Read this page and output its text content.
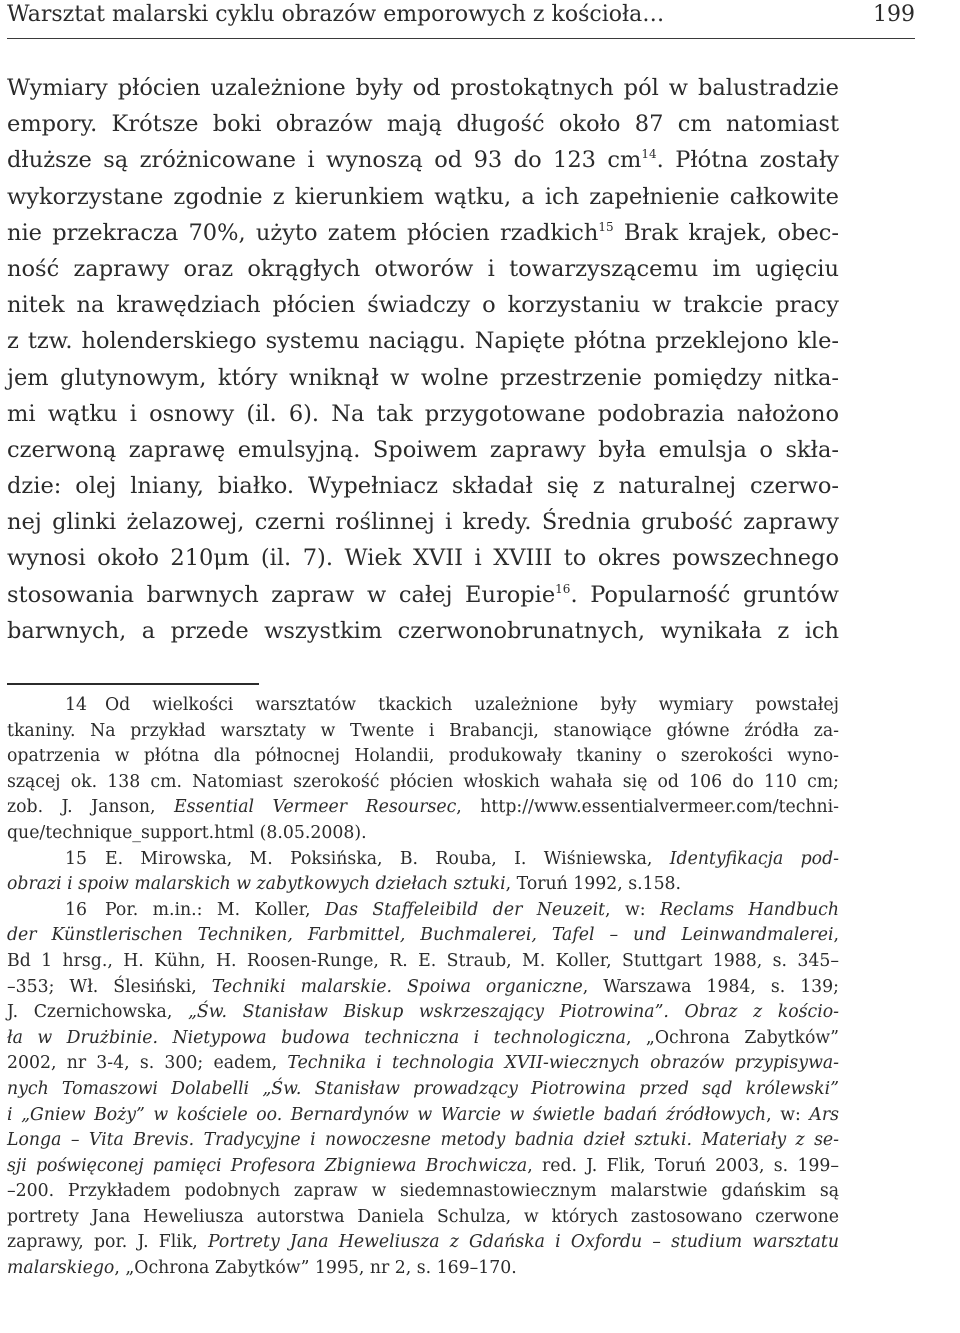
Warsztat malarski cyklu obrazów emporowych z kościoła…	199
Wymiary płócien uzależnione były od prostokątnych pól w balustradzie
empory. Krótsze boki obrazów mają długość około 87 cm natomiast
dłuższe są zróżnicowane i wynoszą od 93 do 123 $cm^{14}$. Płótna zostały
wykorzystane zgodnie z kierunkiem wątku, a ich zapełnienie całkowite
nie przekracza 70%, użyto zatem płócien rzadkich$^{15}$ Brak krajek, obec-
ność zaprawy oraz okrągłych otworów i towarzyszącemu im ugięciu
nitek na krawędziach płócien świadczy o korzystaniu w trakcie pracy
z tzw. holenderskiego systemu naciągu. Napięte płótna przeklejono kle-
jem glutynowym, który wniknął w wolne przestrzenie pomiędzy nitka-
mi wątku i osnowy (il. 6). Na tak przygotowane podobrazia nałożono
czerwoną zaprawę emulsyjną. Spoiwem zaprawy była emulsja o skła-
dzie: olej lniany, białko. Wypełniacz składał się z naturalnej czerwo-
nej glinki żelazowej, czerni roślinnej i kredy. Średnia grubość zaprawy
wynosi około 210μm (il. 7). Wiek XVII i XVIII to okres powszechnego
stosowania barwnych zapraw w całej Europie$^{16}$. Popularność gruntów
barwnych, a przede wszystkim czerwonobrunatnych, wynikała z ich
14 Od wielkości warsztatów tkackich uzależnione były wymiary powstałej
tkaniny. Na przykład warsztaty w Twente i Brabancji, stanowiące główne źródła za-
opatrzenia w płótna dla północnej Holandii, produkowały tkaniny o szerokości wyno-
szącej ok. 138 cm. Natomiast szerokość płócien włoskich wahała się od 106 do 110 cm;
zob. J. Janson, Essential Vermeer Resoursec, http://www.essentialvermeer.com/techni-
que/technique_support.html (8.05.2008).
15 E. Mirowska, M. Poksińska, B. Rouba, I. Wiśniewska, Identyfikacja pod-
obrazi i spoiw malarskich w zabytkowych dziełach sztuki, Toruń 1992, s.158.
16 Por. m.in.: M. Koller, Das Staffeleibild der Neuzeit, w: Reclams Handbuch
der Künstlerischen Techniken, Farbmittel, Buchmalerei, Tafel – und Leinwandmalerei,
Bd 1 hrsg., H. Kühn, H. Roosen-Runge, R. E. Straub, M. Koller, Stuttgart 1988, s. 345–
–353; Wł. Ślesiński, Techniki malarskie. Spoiwa organiczne, Warszawa 1984, s. 139;
J. Czernichowska, „Św. Stanisław Biskup wskrzeszający Piotrowina”. Obraz z kościo-
ła w Drużbinie. Nietypowa budowa techniczna i technologiczna, „Ochrona Zabytków”
2002, nr 3-4, s. 300; eadem, Technika i technologia XVII-wiecznych obrazów przypisywa-
nych Tomaszowi Dolabelli „Św. Stanisław prowadzący Piotrowina przed sąd królewski”
i „Gniew Boży” w kościele oo. Bernardynów w Warcie w świetle badań źródłowych, w: Ars
Longa – Vita Brevis. Tradycyjne i nowoczesne metody badnia dzieł sztuki. Materiały z se-
sji poświęconej pamięci Profesora Zbigniewa Brochwicza, red. J. Flik, Toruń 2003, s. 199–
–200. Przykładem podobnych zapraw w siedemnastowiecznym malarstwie gdańskim są
portrety Jana Heweliusza autorstwa Daniela Schulza, w których zastosowano czerwone
zaprawy, por. J. Flik, Portrety Jana Heweliusza z Gdańska i Oxfordu – studium warsztatu
malarskiego, „Ochrona Zabytków” 1995, nr 2, s. 169–170.
